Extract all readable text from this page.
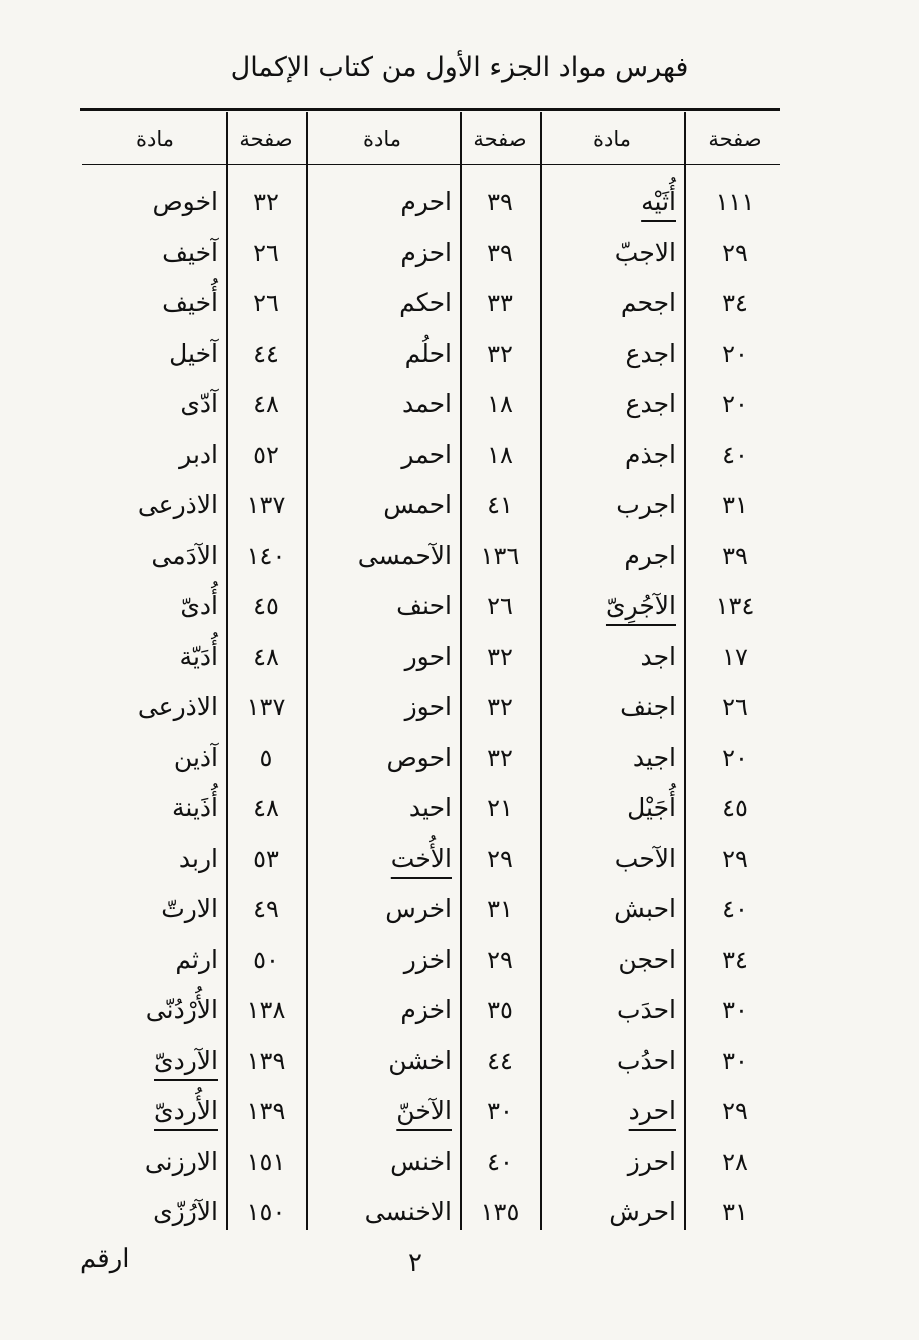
فهرس مواد الجزء الأول من كتاب الإكمال
صفحة
مادة
صفحة
مادة
صفحة
مادة
١١١
أُثَيْه
٢٩
الاجبّ
٣٤
اجحم
٢٠
اجدع
٢٠
اجدع
٤٠
اجذم
٣١
اجرب
٣٩
اجرم
١٣٤
الآجُرِىّ
١٧
اجد
٢٦
اجنف
٢٠
اجيد
٤٥
أُجَيْل
٢٩
الآحب
٤٠
احبش
٣٤
احجن
٣٠
احدَب
٣٠
احدُب
٢٩
احرد
٢٨
احرز
٣١
احرش
٣٩
احرم
٣٩
احزم
٣٣
احكم
٣٢
احلُم
١٨
احمد
١٨
احمر
٤١
احمس
١٣٦
الآحمسى
٢٦
احنف
٣٢
احور
٣٢
احوز
٣٢
احوص
٢١
احيد
٢٩
الأُخت
٣١
اخرس
٢٩
اخزر
٣٥
اخزم
٤٤
اخشن
٣٠
الآخنّ
٤٠
اخنس
١٣٥
الاخنسى
٣٢
اخوص
٢٦
آخيف
٢٦
أُخيف
٤٤
آخيل
٤٨
آدّى
٥٢
ادبر
١٣٧
الاذرعى
١٤٠
الآدَمى
٤٥
أُدىّ
٤٨
أُدَيّة
١٣٧
الاذرعى
٥
آذين
٤٨
أُذَينة
٥٣
اربد
٤٩
الارتّ
٥٠
ارثم
١٣٨
الأُرْدُنّى
١٣٩
الآردىّ
١٣٩
الأُردىّ
١٥١
الارزنى
١٥٠
الآرُزّى
٢
ارقم
